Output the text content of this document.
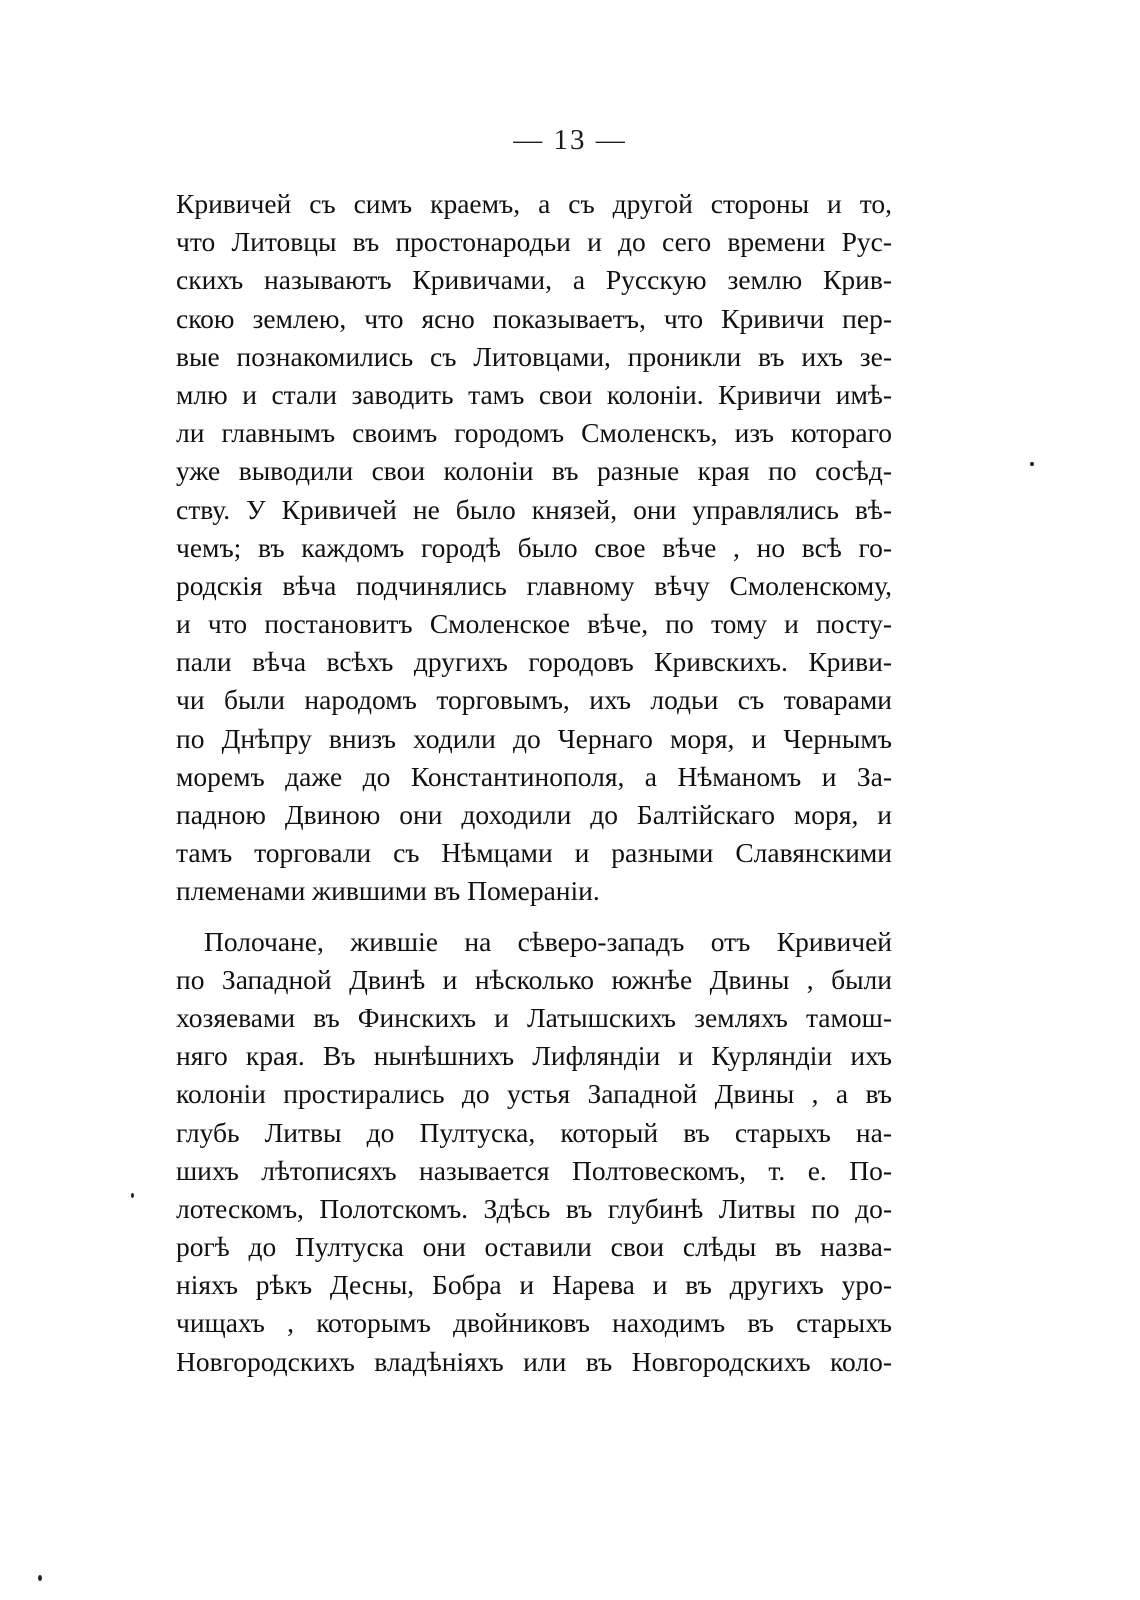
— 13 —
Кривичей съ симъ краемъ, а съ другой стороны и то,
что Литовцы въ простонародьи и до сего времени Рус-
скихъ называютъ Кривичами, а Русскую землю Крив-
скою землею, что ясно показываетъ, что Кривичи пер-
вые познакомились съ Литовцами, проникли въ ихъ зе-
млю и стали заводить тамъ свои колоніи. Кривичи имѣ-
ли главнымъ своимъ городомъ Смоленскъ, изъ котораго
уже выводили свои колоніи въ разные края по сосѣд-
ству. У Кривичей не было князей, они управлялись вѣ-
чемъ; въ каждомъ городѣ было свое вѣче , но всѣ го-
родскія вѣча подчинялись главному вѣчу Смоленскому,
и что постановитъ Смоленское вѣче, по тому и посту-
пали вѣча всѣхъ другихъ городовъ Кривскихъ. Криви-
чи были народомъ торговымъ, ихъ лодьи съ товарами
по Днѣпру внизъ ходили до Чернаго моря, и Чернымъ
моремъ даже до Константинополя, а Нѣманомъ и За-
падною Двиною они доходили до Балтійскаго моря, и
тамъ торговали съ Нѣмцами и разными Славянскими
племенами жившими въ Помераніи.
Полочане, жившіе на сѣверо-западъ отъ Кривичей
по Западной Двинѣ и нѣсколько южнѣе Двины , были
хозяевами въ Финскихъ и Латышскихъ земляхъ тамош-
няго края. Въ нынѣшнихъ Лифляндіи и Курляндіи ихъ
колоніи простирались до устья Западной Двины , а въ
глубь Литвы до Пултуска, который въ старыхъ на-
шихъ лѣтописяхъ называется Полтовескомъ, т. е. По-
лотескомъ, Полотскомъ. Здѣсь въ глубинѣ Литвы по до-
рогѣ до Пултуска они оставили свои слѣды въ назва-
ніяхъ рѣкъ Десны, Бобра и Нарева и въ другихъ уро-
чищахъ , которымъ двойниковъ находимъ въ старыхъ
Новгородскихъ владѣніяхъ или въ Новгородскихъ коло-
